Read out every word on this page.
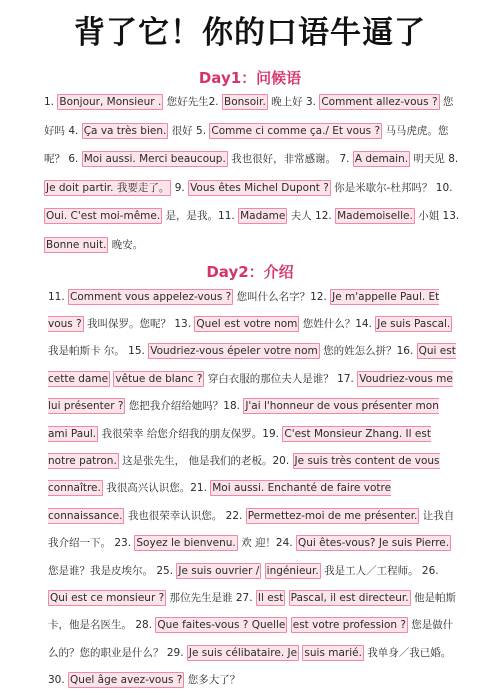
背了它！你的口语牛逼了
Day1：问候语
1. Bonjour, Monsieur . 您好先生2. Bonsoir. 晚上好 3. Comment allez-vous ? 您好吗 4. Ça va très bien. 很好 5. Comme ci comme ça./ Et vous ? 马马虎虎。您呢？ 6. Moi aussi. Merci beaucoup. 我也很好，非常感谢。 7. A demain. 明天见 8. Je doit partir. 我要走了。 9. Vous êtes Michel Dupont ? 你是米歇尔-杜邦吗？ 10. Oui. C'est moi-même. 是，是我。11. Madame 夫人 12. Mademoiselle. 小姐 13. Bonne nuit. 晚安。
Day2：介绍
11. Comment vous appelez-vous ? 您叫什么名字？12. Je m'appelle Paul. Et vous ? 我叫保罗。您呢？ 13. Quel est votre nom 您姓什么？14. Je suis Pascal. 我是帕斯卡 尔。 15. Voudriez-vous épeler votre nom 您的姓怎么拼？16. Qui est cette dame vêtue de blanc ? 穿白衣服的那位夫人是谁？ 17. Voudriez-vous me lui présenter ? 您把我介绍给她吗？18. J'ai l'honneur de vous présenter mon ami Paul. 我很荣幸 给您介绍我的朋友保罗。19. C'est Monsieur Zhang. Il est notre patron. 这是张先生， 他是我们的老板。20. Je suis très content de vous connaître. 我很高兴认识您。21. Moi aussi. Enchanté de faire votre connaissance. 我也很荣幸认识您。 22. Permettez-moi de me présenter. 让我自我介绍一下。 23. Soyez le bienvenu. 欢 迎！24. Qui êtes-vous? Je suis Pierre. 您是谁？我是皮埃尔。 25. Je suis ouvrier / ingénieur. 我是工人／工程师。 26. Qui est ce monsieur ? 那位先生是谁 27. Il est Pascal, il est directeur. 他是帕斯卡，他是名医生。 28. Que faites-vous ? Quelle est votre profession ? 您是做什么的？您的职业是什么？ 29. Je suis célibataire. Je suis marié. 我单身／我已婚。 30. Quel âge avez-vous ? 您多大了？
